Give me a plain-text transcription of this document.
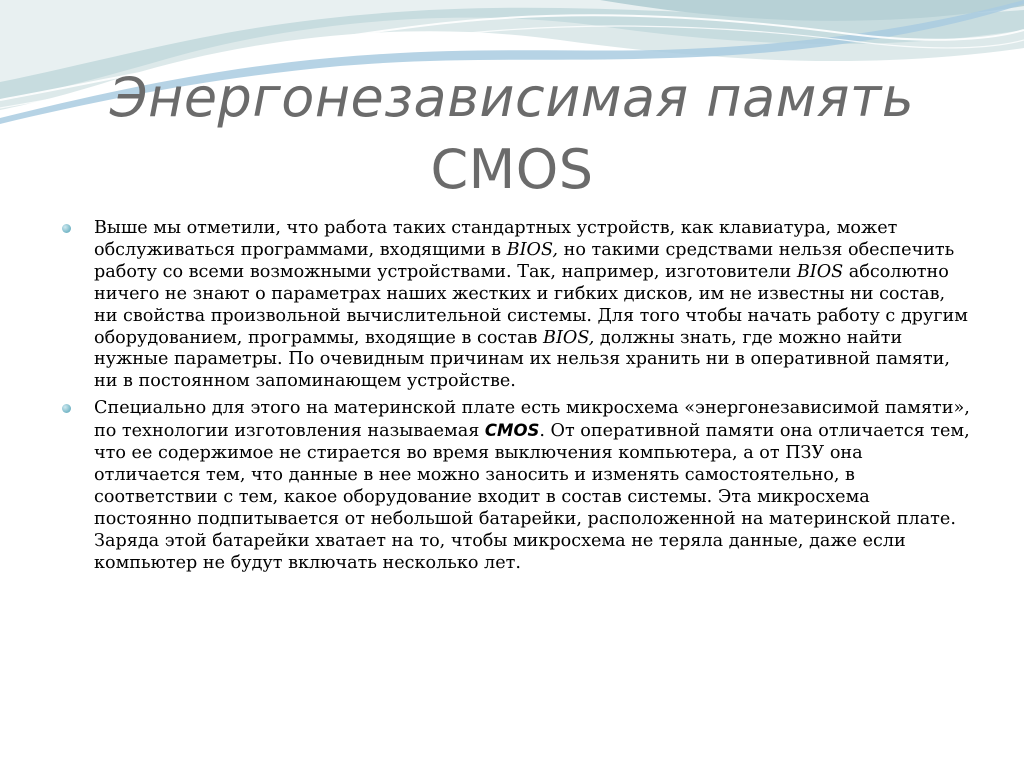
Энергонезависимая память
CMOS
Выше мы отметили, что работа таких стандартных устройств, как клавиатура, может обслуживаться программами, входящими в BIOS, но такими средствами нельзя обеспечить работу со всеми возможными устройствами. Так, например, изготовители BIOS абсолютно ничего не знают о параметрах наших жестких и гибких дисков, им не известны ни состав, ни свойства произвольной вычислительной системы. Для того чтобы начать работу с другим оборудованием, программы, входящие в состав BIOS, должны знать, где можно найти нужные параметры. По очевидным причинам их нельзя хранить ни в оперативной памяти, ни в постоянном запоминающем устройстве.
Специально для этого на материнской плате есть микросхема «энергонезависимой памяти», по технологии изготовления называемая CMOS. От оперативной памяти она отличается тем, что ее содержимое не стирается во время выключения компьютера, а от ПЗУ она отличается тем, что данные в нее можно заносить и изменять самостоятельно, в соответствии с тем, какое оборудование входит в состав системы. Эта микросхема постоянно подпитывается от небольшой батарейки, расположенной на материнской плате. Заряда этой батарейки хватает на то, чтобы микросхема не теряла данные, даже если компьютер не будут включать несколько лет.
